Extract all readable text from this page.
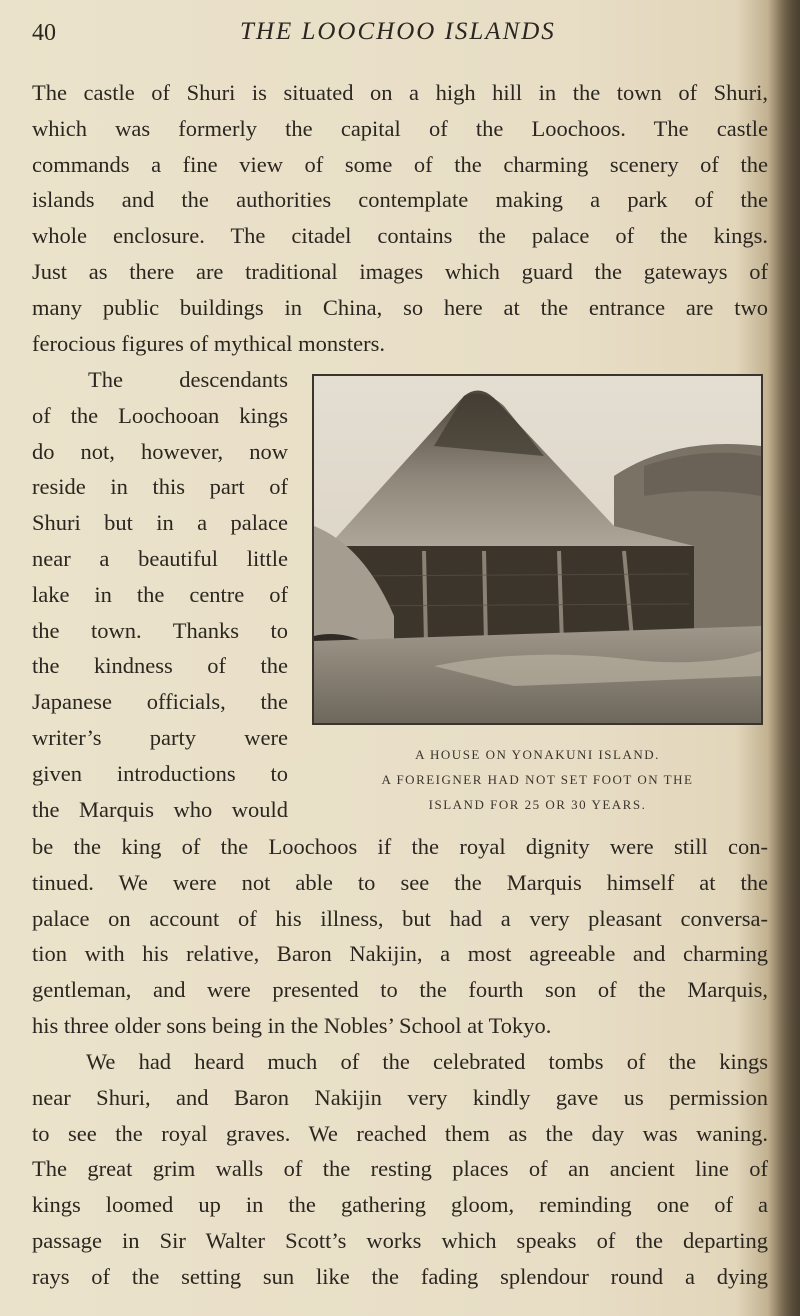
40	THE LOOCHOO ISLANDS
The castle of Shuri is situated on a high hill in the town of Shuri,
which was formerly the capital of the Loochoos. The castle
commands a fine view of some of the charming scenery of the
islands and the authorities contemplate making a park of the
whole enclosure. The citadel contains the palace of the kings.
Just as there are traditional images which guard the gateways of
many public buildings in China, so here at the entrance are two
ferocious figures of mythical monsters.
The descendants
of the Loochooan kings
do not, however, now
reside in this part of
Shuri but in a palace
near a beautiful little
lake in the centre of
the town. Thanks to
the kindness of the
Japanese officials, the
writer’s party were
given introductions to
the Marquis who would
A HOUSE ON YONAKUNI ISLAND.
A FOREIGNER HAD NOT SET FOOT ON THE
ISLAND FOR 25 OR 30 YEARS.
be the king of the Loochoos if the royal dignity were still con-
tinued. We were not able to see the Marquis himself at the
palace on account of his illness, but had a very pleasant conversa-
tion with his relative, Baron Nakijin, a most agreeable and charming
gentleman, and were presented to the fourth son of the Marquis,
his three older sons being in the Nobles’ School at Tokyo.
We had heard much of the celebrated tombs of the kings
near Shuri, and Baron Nakijin very kindly gave us permission
to see the royal graves. We reached them as the day was waning.
The great grim walls of the resting places of an ancient line of
kings loomed up in the gathering gloom, reminding one of a
passage in Sir Walter Scott’s works which speaks of the departing
rays of the setting sun like the fading splendour round a dying
